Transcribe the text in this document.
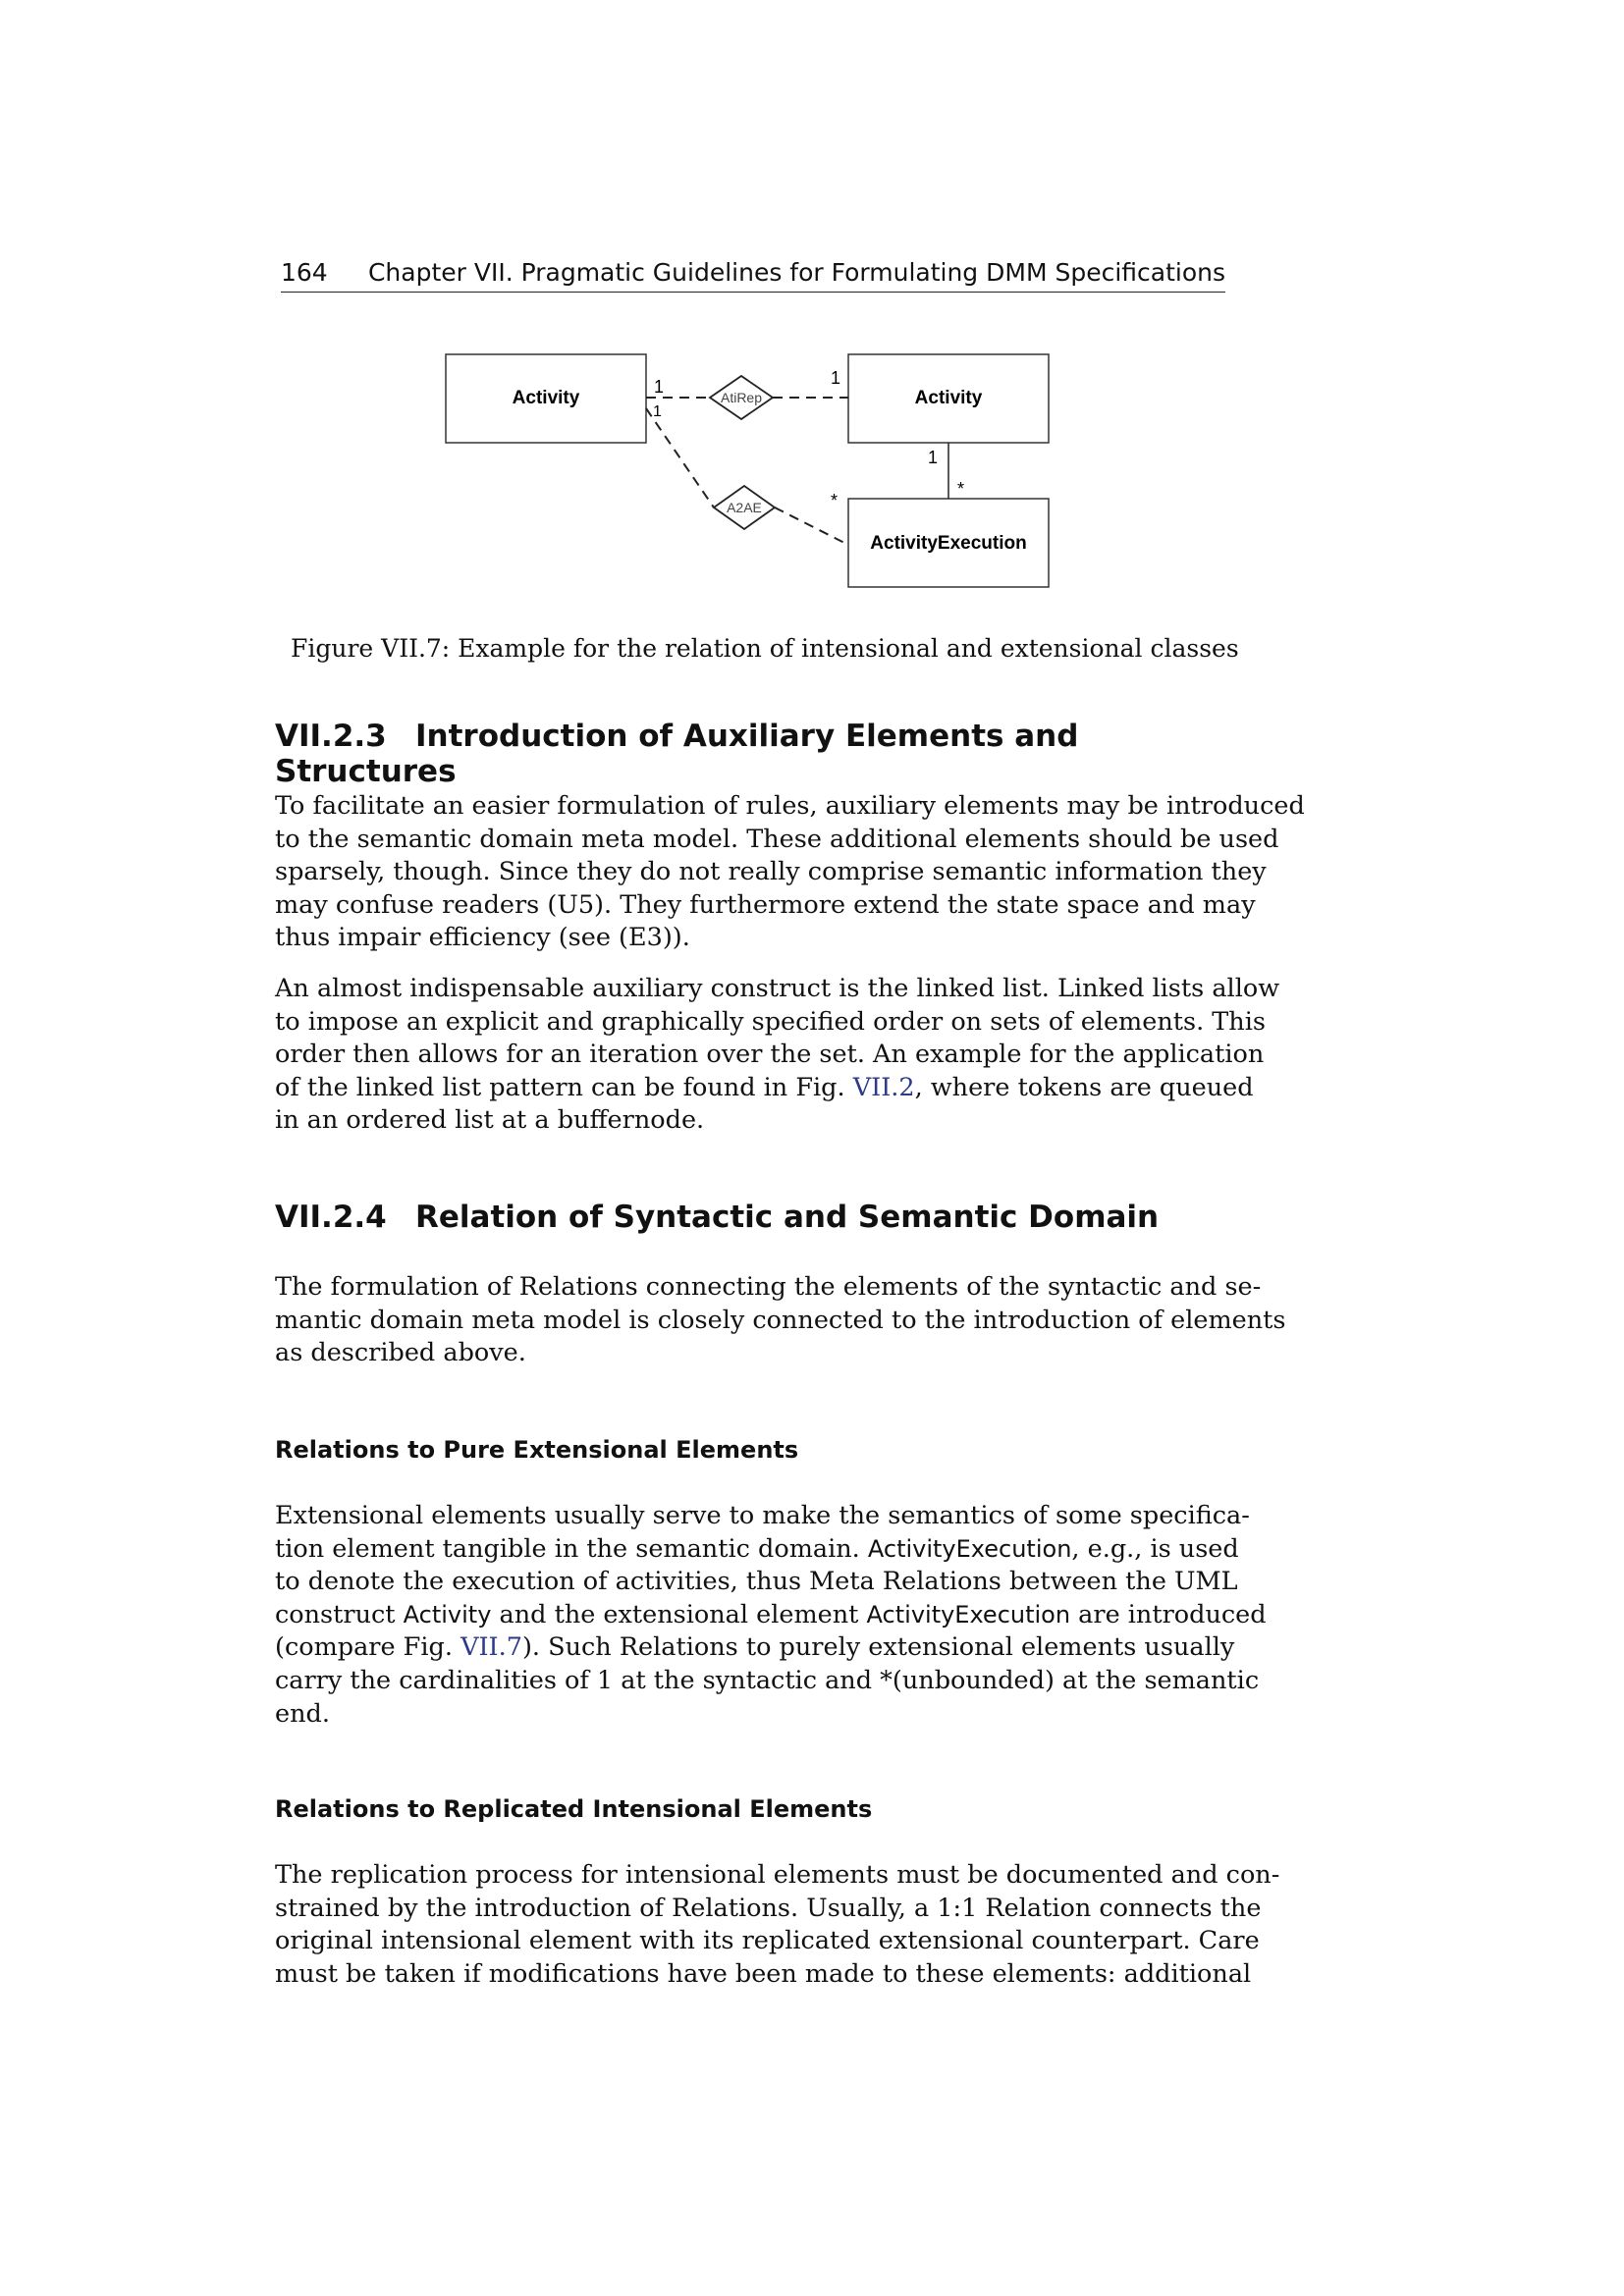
164 Chapter VII. Pragmatic Guidelines for Formulating DMM Specifications
Activity	Activity
ActivityExecution
AtiRep
A2AE
1	1
1
*
1
*
Figure VII.7: Example for the relation of intensional and extensional classes
VII.2.3 Introduction of Auxiliary Elements and Structures
To facilitate an easier formulation of rules, auxiliary elements may be introduced
to the semantic domain meta model. These additional elements should be used
sparsely, though. Since they do not really comprise semantic information they
may confuse readers (U5). They furthermore extend the state space and may
thus impair efficiency (see (E3)).
An almost indispensable auxiliary construct is the linked list. Linked lists allow
to impose an explicit and graphically specified order on sets of elements. This
order then allows for an iteration over the set. An example for the application
of the linked list pattern can be found in Fig. VII.2, where tokens are queued
in an ordered list at a buffernode.
VII.2.4 Relation of Syntactic and Semantic Domain
The formulation of Relations connecting the elements of the syntactic and se-
mantic domain meta model is closely connected to the introduction of elements
as described above.
Relations to Pure Extensional Elements
Extensional elements usually serve to make the semantics of some specifica-
tion element tangible in the semantic domain. ActivityExecution, e.g., is used
to denote the execution of activities, thus Meta Relations between the UML
construct Activity and the extensional element ActivityExecution are introduced
(compare Fig. VII.7). Such Relations to purely extensional elements usually
carry the cardinalities of 1 at the syntactic and *(unbounded) at the semantic
end.
Relations to Replicated Intensional Elements
The replication process for intensional elements must be documented and con-
strained by the introduction of Relations. Usually, a 1:1 Relation connects the
original intensional element with its replicated extensional counterpart. Care
must be taken if modifications have been made to these elements: additional
